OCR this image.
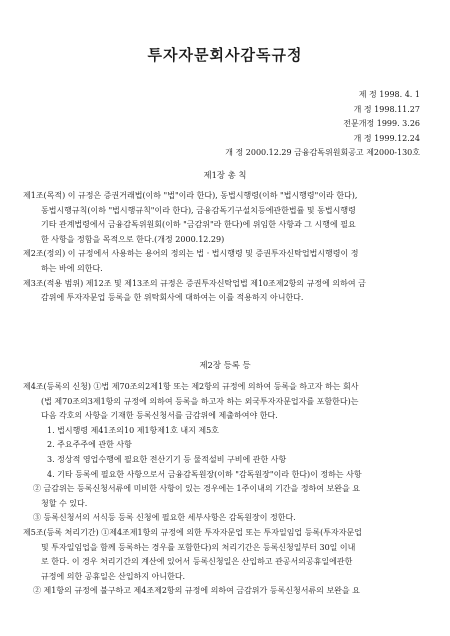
투자자문회사감독규정
제 정 1998. 4. 1
개 정 1998.11.27
전문개정 1999. 3.26
개 정 1999.12.24
개 정 2000.12.29 금융감독위원회공고 제2000-130호
제1장 총 칙
제1조(목적) 이 규정은 증권거래법(이하 "법"이라 한다), 동법시행령(이하 "법시행령"이라 한다),
동법시행규칙(이하 "법시행규칙"이라 한다), 금융감독기구설치등에관한법률 및 동법시행령
기타 관계법령에서 금융감독위원회(이하 "금감위"라 한다)에 위임한 사항과 그 시행에 필요
한 사항을 정함을 목적으로 한다.(개정 2000.12.29)
제2조(정의) 이 규정에서 사용하는 용어의 정의는 법 · 법시행령 및 증권투자신탁업법시행령이 정
하는 바에 의한다.
제3조(적용 범위) 제12조 및 제13조의 규정은 증권투자신탁업법 제10조제2항의 규정에 의하여 금
감위에 투자자문업 등록을 한 위탁회사에 대하여는 이를 적용하지 아니한다.
제2장 등록 등
제4조(등록의 신청) ①법 제70조의2제1항 또는 제2항의 규정에 의하여 등록을 하고자 하는 회사
(법 제70조의3제1항의 규정에 의하여 등록을 하고자 하는 외국투자자문업자를 포함한다)는
다음 각호의 사항을 기재한 등록신청서를 금감위에 제출하여야 한다.
1. 법시행령 제41조의10 제1항제1호 내지 제5호
2. 주요주주에 관한 사항
3. 정상적 영업수행에 필요한 전산기기 등 물적설비 구비에 관한 사항
4. 기타 등록에 필요한 사항으로서 금융감독원장(이하 "감독원장"이라 한다)이 정하는 사항
② 금감위는 등록신청서류에 미비한 사항이 있는 경우에는 1주이내의 기간을 정하여 보완을 요
청할 수 있다.
③ 등록신청서의 서식등 등록 신청에 필요한 세부사항은 감독원장이 정한다.
제5조(등록 처리기간) ①제4조제1항의 규정에 의한 투자자문업 또는 투자일임업 등록(투자자문업
및 투자일임업을 함께 등록하는 경우를 포함한다)의 처리기간은 등록신청일부터 30일 이내
로 한다. 이 경우 처리기간의 계산에 있어서 등록신청일은 산입하고 관공서의공휴일에관한
규정에 의한 공휴일은 산입하지 아니한다.
② 제1항의 규정에 불구하고 제4조제2항의 규정에 의하여 금감위가 등록신청서류의 보완을 요
